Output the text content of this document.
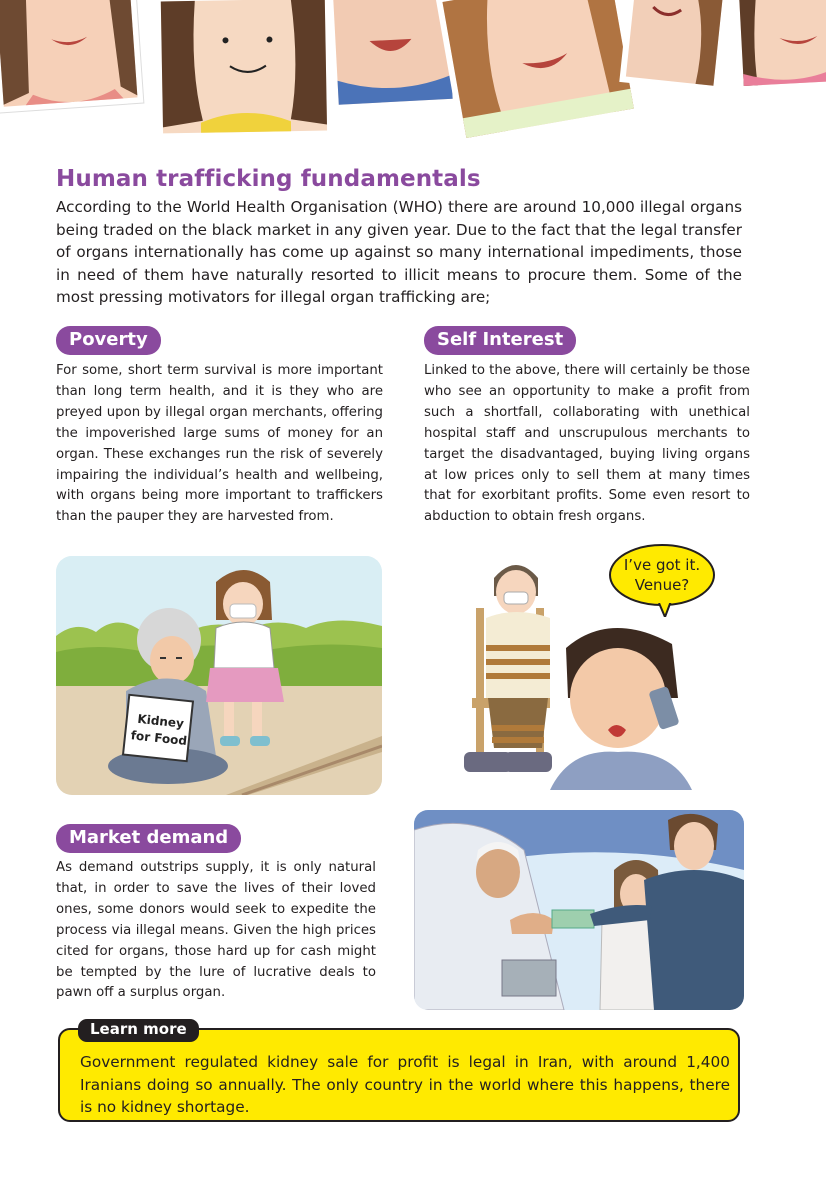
Human trafficking fundamentals

According to the World Health Organisation (WHO) there are around 10,000 illegal organs being traded on the black market in any given year. Due to the fact that the legal transfer of organs internationally has come up against so many international impediments, those in need of them have naturally resorted to illicit means to procure them. Some of the most pressing motivators for illegal organ trafficking are;

Poverty

For some, short term survival is more important than long term health, and it is they who are preyed upon by illegal organ merchants, offering the impoverished large sums of money for an organ. These exchanges run the risk of severely impairing the individual’s health and wellbeing, with organs being more important to traffickers than the pauper they are harvested from.

Self Interest

Linked to the above, there will certainly be those who see an opportunity to make a profit from such a shortfall, collaborating with unethical hospital staff and unscrupulous merchants to target the disadvantaged, buying living organs at low prices only to sell them at many times that for exorbitant profits. Some even resort to abduction to obtain fresh organs.

Kidney
for Food
I’ve got it.
Venue?
Market demand

As demand outstrips supply, it is only natural that, in order to save the lives of their loved ones, some donors would seek to expedite the process via illegal means. Given the high prices cited for organs, those hard up for cash might be tempted by the lure of lucrative deals to pawn off a surplus organ.

Learn more

Government regulated kidney sale for profit is legal in Iran, with around 1,400 Iranians doing so annually. The only country in the world where this happens, there is no kidney shortage.
